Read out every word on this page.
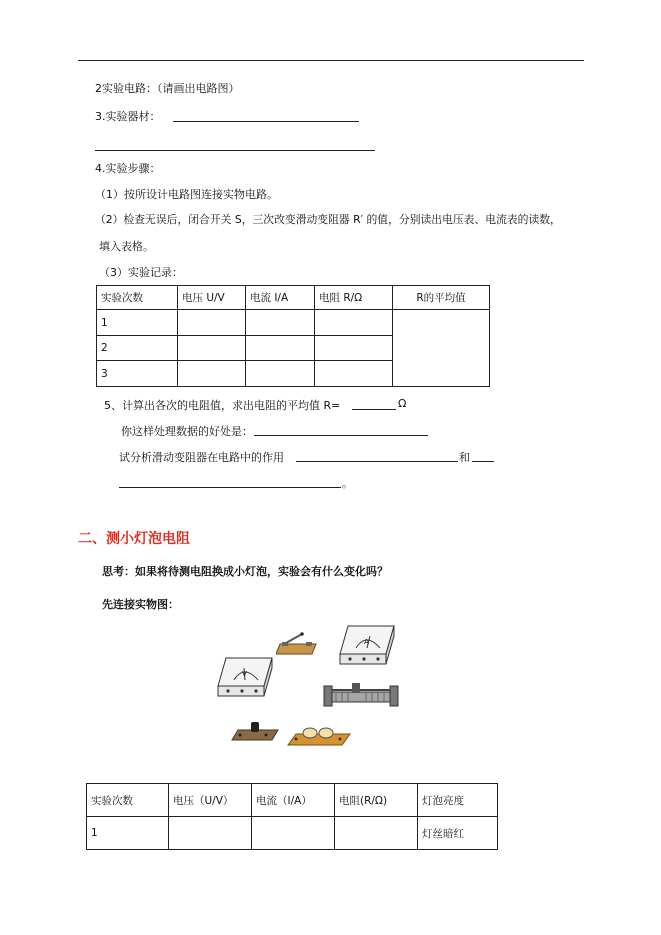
2实验电路：（请画出电路图）
3.实验器材：
4.实验步骤：
（1）按所设计电路图连接实物电路。
（2）检查无误后，闭合开关 S，三次改变滑动变阻器 R′ 的值，分别读出电压表、电流表的读数，
填入表格。
（3）实验记录：
实验次数	电压 U/V	电流 I/A	电阻 R/Ω	R的平均值
1				
2				
3				
5、计算出各次的电阻值，求出电阻的平均值 R=	Ω
你这样处理数据的好处是：
试分析滑动变阻器在电路中的作用	和
。
二、测小灯泡电阻
思考：如果将待测电阻换成小灯泡，实验会有什么变化吗？
先连接实物图：
A
V
实验次数	电压（U/V）	电流（I/A）	电阻(R/Ω)	灯泡亮度
1				灯丝暗红
